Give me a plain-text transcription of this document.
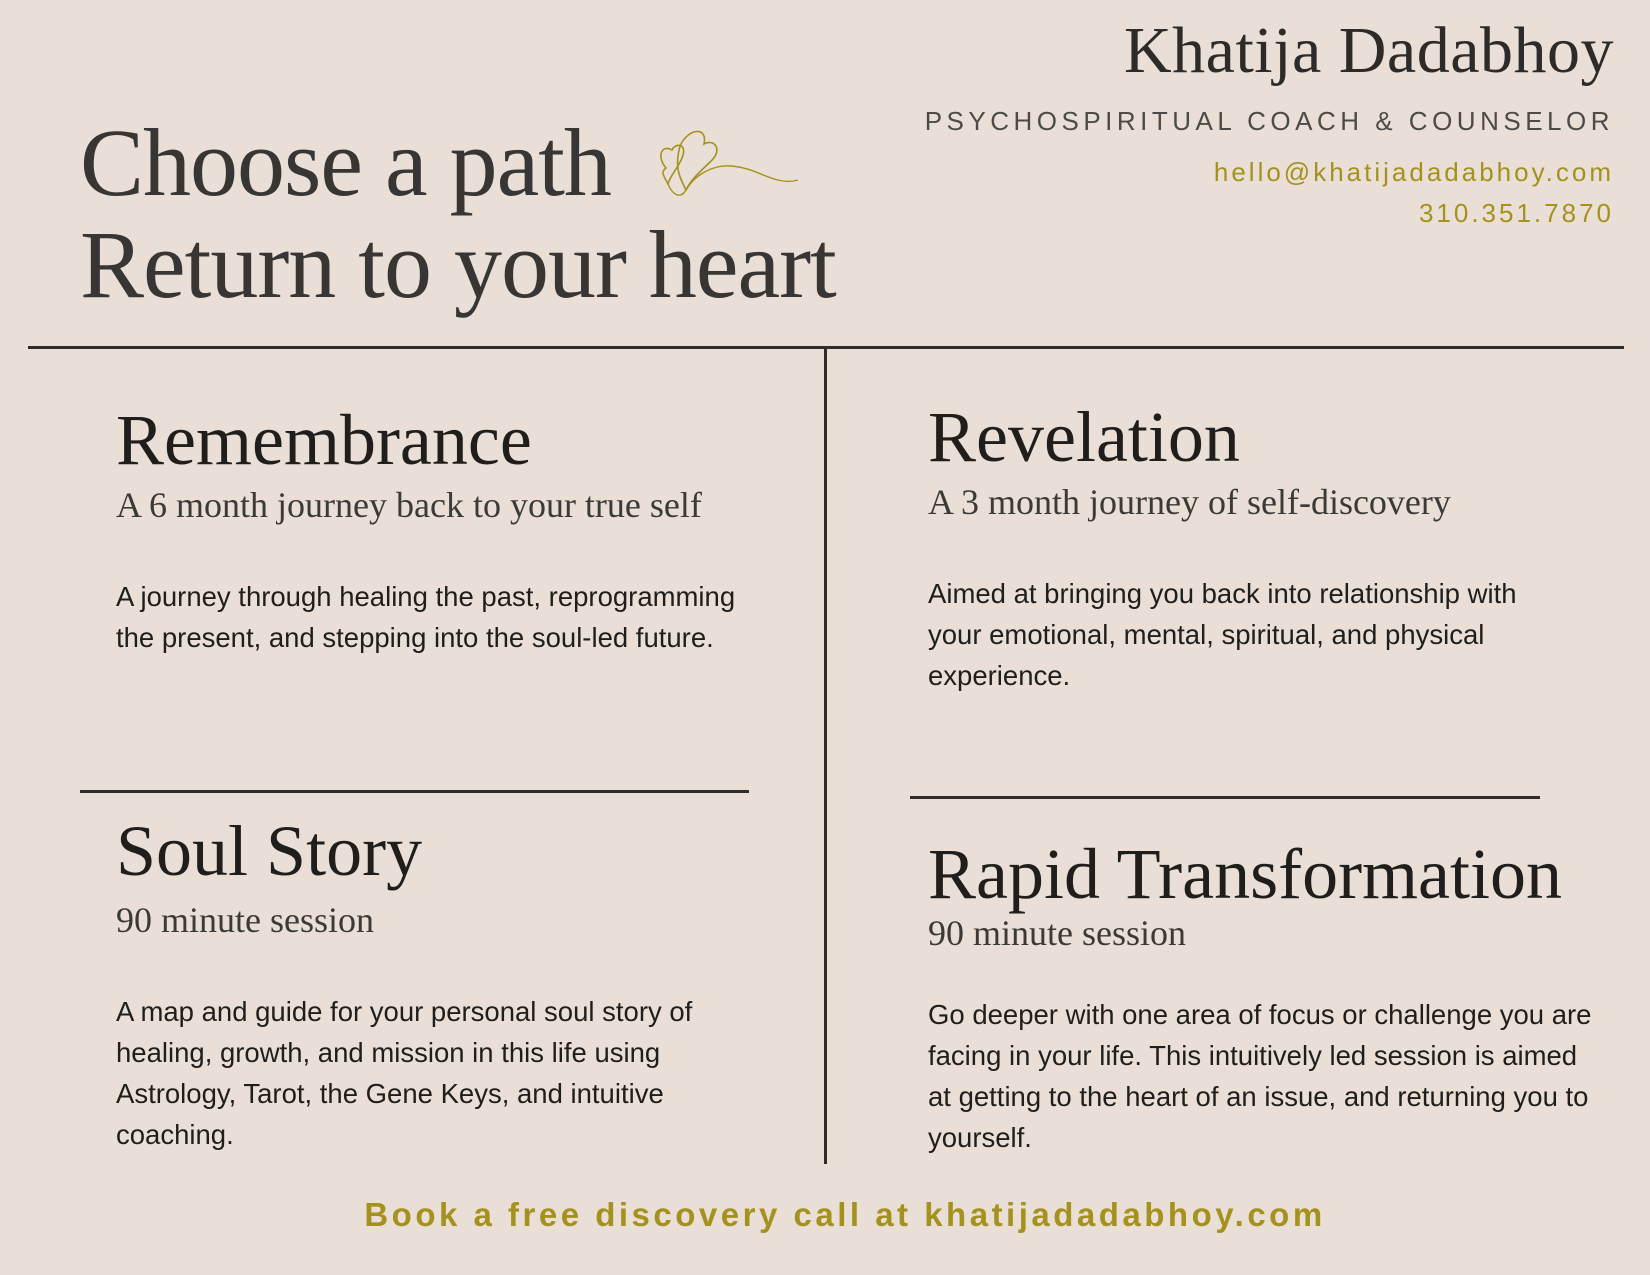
Khatija Dadabhoy
PSYCHOSPIRITUAL COACH & COUNSELOR
hello@khatijadadabhoy.com
310.351.7870
Choose a path
Return to your heart
Remembrance
A 6 month journey back to your true self
A journey through healing the past, reprogramming the present, and stepping into the soul-led future.
Revelation
A 3 month journey of self-discovery
Aimed at bringing you back into relationship with your emotional, mental, spiritual, and physical experience.
Soul Story
90 minute session
A map and guide for your personal soul story of healing, growth, and mission in this life using Astrology, Tarot, the Gene Keys, and intuitive coaching.
Rapid Transformation
90 minute session
Go deeper with one area of focus or challenge you are facing in your life. This intuitively led session is aimed at getting to the heart of an issue, and returning you to yourself.
Book a free discovery call at khatijadadabhoy.com
